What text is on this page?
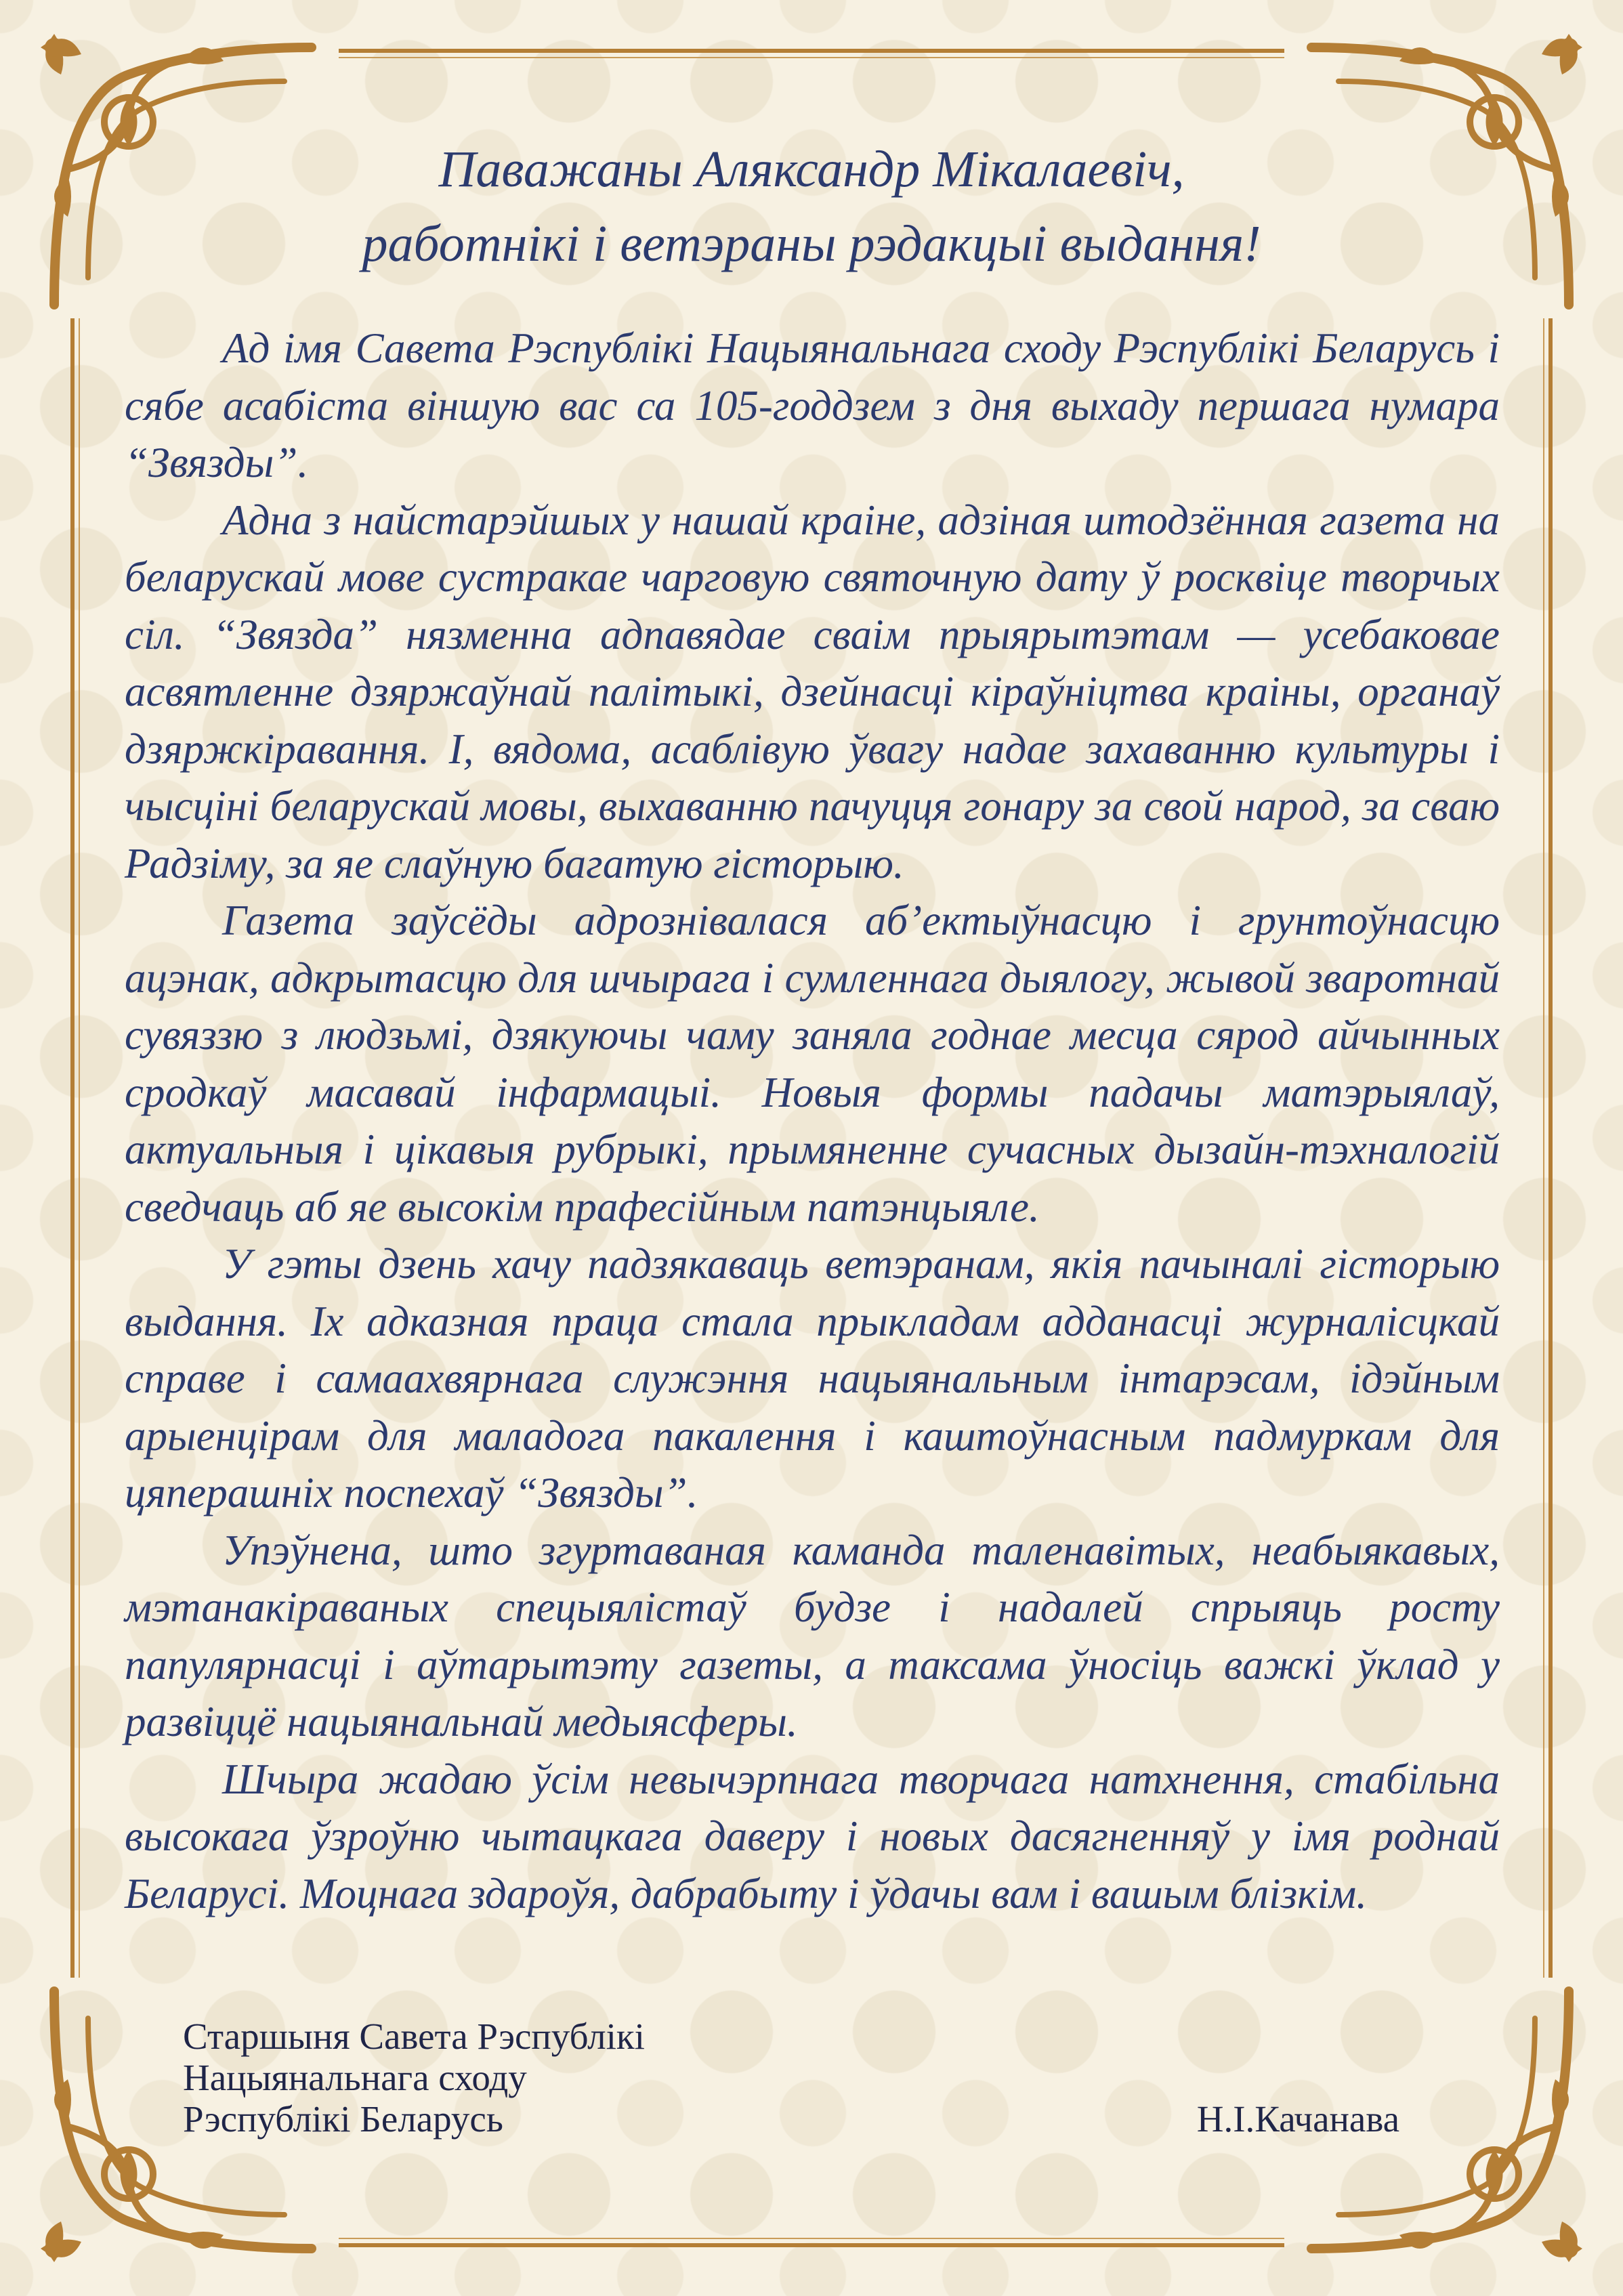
Паважаны Аляксандр Мікалаевіч,
работнікі і ветэраны рэдакцыі выдання!

Ад імя Савета Рэспублікі Нацыянальнага сходу Рэспублікі Беларусь і сябе асабіста віншую вас са 105-годдзем з дня выхаду першага нумара “Звязды”.

Адна з найстарэйшых у нашай краіне, адзіная штодзённая газета на беларускай мове сустракае чарговую святочную дату ў росквіце творчых сіл. “Звязда” нязменна адпавядае сваім прыярытэтам — усебаковае асвятленне дзяржаўнай палітыкі, дзейнасці кіраўніцтва краіны, органаў дзяржкіравання. І, вядома, асаблівую ўвагу надае захаванню культуры і чысціні беларускай мовы, выхаванню пачуцця гонару за свой народ, за сваю Радзіму, за яе слаўную багатую гісторыю.

Газета заўсёды адрознівалася аб’ектыўнасцю і грунтоўнасцю ацэнак, адкрытасцю для шчырага і сумленнага дыялогу, жывой зваротнай сувяззю з людзьмі, дзякуючы чаму заняла годнае месца сярод айчынных сродкаў масавай інфармацыі. Новыя формы падачы матэрыялаў, актуальныя і цікавыя рубрыкі, прымяненне сучасных дызайн-тэхналогій сведчаць аб яе высокім прафесійным патэнцыяле.

У гэты дзень хачу падзякаваць ветэранам, якія пачыналі гісторыю выдання. Іх адказная праца стала прыкладам адданасці журналісцкай справе і самаахвярнага служэння нацыянальным інтарэсам, ідэйным арыенцірам для маладога пакалення і каштоўнасным падмуркам для цяперашніх поспехаў “Звязды”.

Упэўнена, што згуртаваная каманда таленавітых, неабыякавых, мэтанакіраваных спецыялістаў будзе і надалей спрыяць росту папулярнасці і аўтарытэту газеты, а таксама ўносіць важкі ўклад у развіццё нацыянальнай медыясферы.

Шчыра жадаю ўсім невычэрпнага творчага натхнення, стабільна высокага ўзроўню чытацкага даверу і новых дасягненняў у імя роднай Беларусі. Моцнага здароўя, дабрабыту і ўдачы вам і вашым блізкім.

Старшыня Савета Рэспублікі
Нацыянальнага сходу
Рэспублікі Беларусь	Н.І.Качанава
